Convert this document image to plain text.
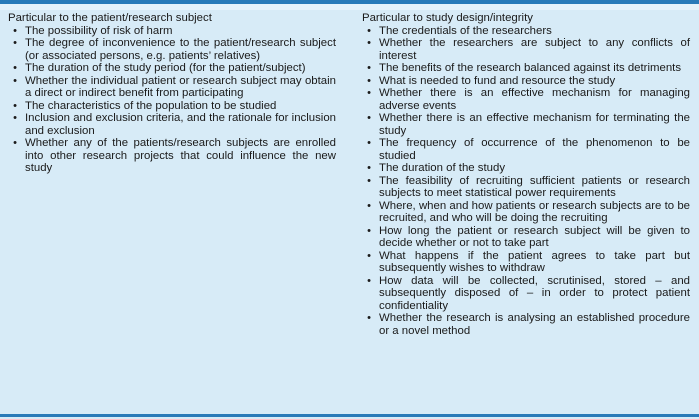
Particular to the patient/research subject
• The possibility of risk of harm
• The degree of inconvenience to the patient/research subject (or associated persons, e.g. patients’ relatives)
• The duration of the study period (for the patient/subject)
• Whether the individual patient or research subject may obtain a direct or indirect benefit from participating
• The characteristics of the population to be studied
• Inclusion and exclusion criteria, and the rationale for inclusion and exclusion
• Whether any of the patients/research subjects are enrolled into other research projects that could influence the new study
Particular to study design/integrity
• The credentials of the researchers
• Whether the researchers are subject to any conflicts of interest
• The benefits of the research balanced against its detriments
• What is needed to fund and resource the study
• Whether there is an effective mechanism for managing adverse events
• Whether there is an effective mechanism for terminating the study
• The frequency of occurrence of the phenomenon to be studied
• The duration of the study
• The feasibility of recruiting sufficient patients or research subjects to meet statistical power requirements
• Where, when and how patients or research subjects are to be recruited, and who will be doing the recruiting
• How long the patient or research subject will be given to decide whether or not to take part
• What happens if the patient agrees to take part but subsequently wishes to withdraw
• How data will be collected, scrutinised, stored – and subsequently disposed of – in order to protect patient confidentiality
• Whether the research is analysing an established procedure or a novel method
